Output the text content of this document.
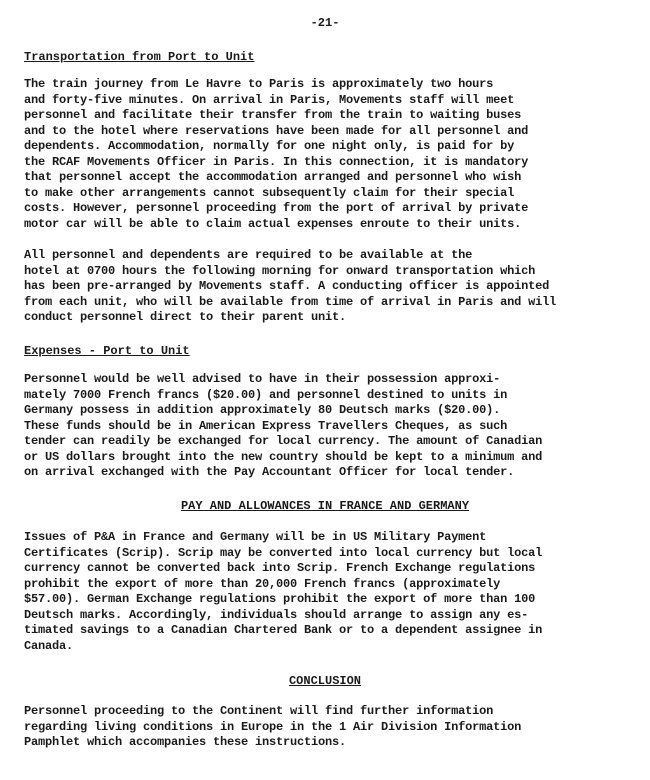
-21-
Transportation from Port to Unit
The train journey from Le Havre to Paris is approximately two hours
and forty-five minutes. On arrival in Paris, Movements staff will meet
personnel and facilitate their transfer from the train to waiting buses
and to the hotel where reservations have been made for all personnel and
dependents. Accommodation, normally for one night only, is paid for by
the RCAF Movements Officer in Paris. In this connection, it is mandatory
that personnel accept the accommodation arranged and personnel who wish
to make other arrangements cannot subsequently claim for their special
costs. However, personnel proceeding from the port of arrival by private
motor car will be able to claim actual expenses enroute to their units.
All personnel and dependents are required to be available at the
hotel at 0700 hours the following morning for onward transportation which
has been pre-arranged by Movements staff. A conducting officer is appointed
from each unit, who will be available from time of arrival in Paris and will
conduct personnel direct to their parent unit.
Expenses - Port to Unit
Personnel would be well advised to have in their possession approxi-
mately 7000 French francs ($20.00) and personnel destined to units in
Germany possess in addition approximately 80 Deutsch marks ($20.00).
These funds should be in American Express Travellers Cheques, as such
tender can readily be exchanged for local currency. The amount of Canadian
or US dollars brought into the new country should be kept to a minimum and
on arrival exchanged with the Pay Accountant Officer for local tender.
PAY AND ALLOWANCES IN FRANCE AND GERMANY
Issues of P&A in France and Germany will be in US Military Payment
Certificates (Scrip). Scrip may be converted into local currency but local
currency cannot be converted back into Scrip. French Exchange regulations
prohibit the export of more than 20,000 French francs (approximately
$57.00). German Exchange regulations prohibit the export of more than 100
Deutsch marks. Accordingly, individuals should arrange to assign any es-
timated savings to a Canadian Chartered Bank or to a dependent assignee in
Canada.
CONCLUSION
Personnel proceeding to the Continent will find further information
regarding living conditions in Europe in the 1 Air Division Information
Pamphlet which accompanies these instructions.
